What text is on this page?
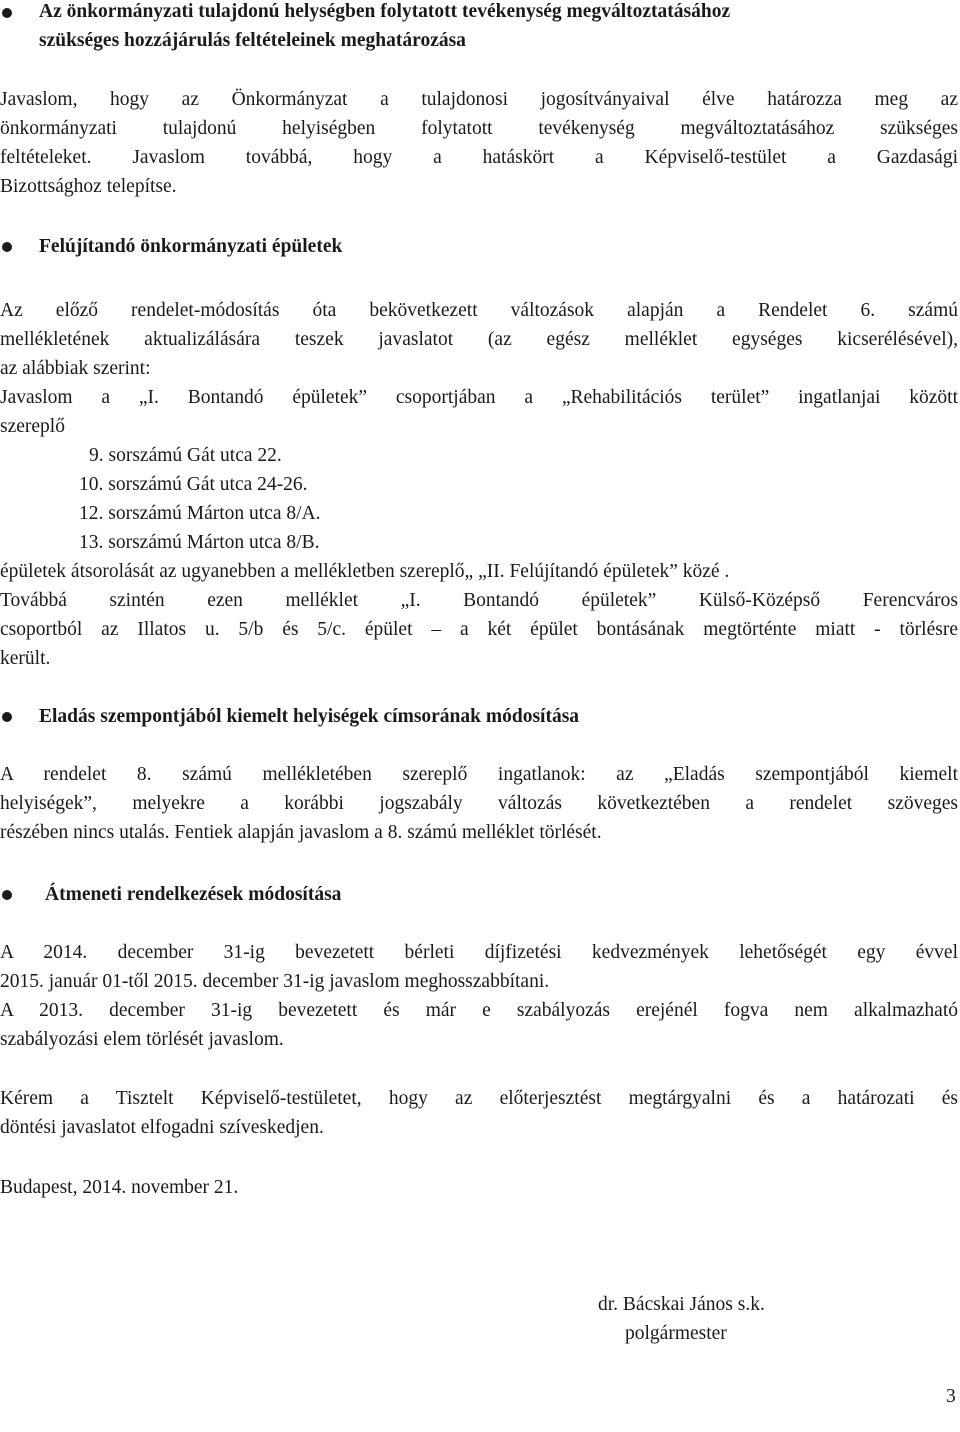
Az önkormányzati tulajdonú helységben folytatott tevékenység megváltoztatásához
szükséges hozzájárulás feltételeinek meghatározása
Javaslom, hogy az Önkormányzat a tulajdonosi jogosítványaival élve határozza meg az
önkormányzati tulajdonú helyiségben folytatott tevékenység megváltoztatásához szükséges
feltételeket. Javaslom továbbá, hogy a hatáskört a Képviselő-testület a Gazdasági
Bizottsághoz telepítse.
Felújítandó önkormányzati épületek
Az előző rendelet-módosítás óta bekövetkezett változások alapján a Rendelet 6. számú
mellékletének aktualizálására teszek javaslatot (az egész melléklet egységes kicserélésével),
az alábbiak szerint:
Javaslom a „I. Bontandó épületek” csoportjában a „Rehabilitációs terület” ingatlanjai között
szereplő
9. sorszámú Gát utca 22.
10. sorszámú Gát utca 24-26.
12. sorszámú Márton utca 8/A.
13. sorszámú Márton utca 8/B.
épületek átsorolását az ugyanebben a mellékletben szereplő„ „II. Felújítandó épületek” közé .
Továbbá szintén ezen melléklet „I. Bontandó épületek” Külső-Középső Ferencváros
csoportból az Illatos u. 5/b és 5/c. épület – a két épület bontásának megtörténte miatt - törlésre
került.
Eladás szempontjából kiemelt helyiségek címsorának módosítása
A rendelet 8. számú mellékletében szereplő ingatlanok: az „Eladás szempontjából kiemelt
helyiségek”, melyekre a korábbi jogszabály változás következtében a rendelet szöveges
részében nincs utalás. Fentiek alapján javaslom a 8. számú melléklet törlését.
Átmeneti rendelkezések módosítása
A 2014. december 31-ig bevezetett bérleti díjfizetési kedvezmények lehetőségét egy évvel
2015. január 01-től 2015. december 31-ig javaslom meghosszabbítani.
A 2013. december 31-ig bevezetett és már e szabályozás erejénél fogva nem alkalmazható
szabályozási elem törlését javaslom.
Kérem a Tisztelt Képviselő-testületet, hogy az előterjesztést megtárgyalni és a határozati és
döntési javaslatot elfogadni szíveskedjen.
Budapest, 2014. november 21.
dr. Bácskai János s.k.
polgármester
3
